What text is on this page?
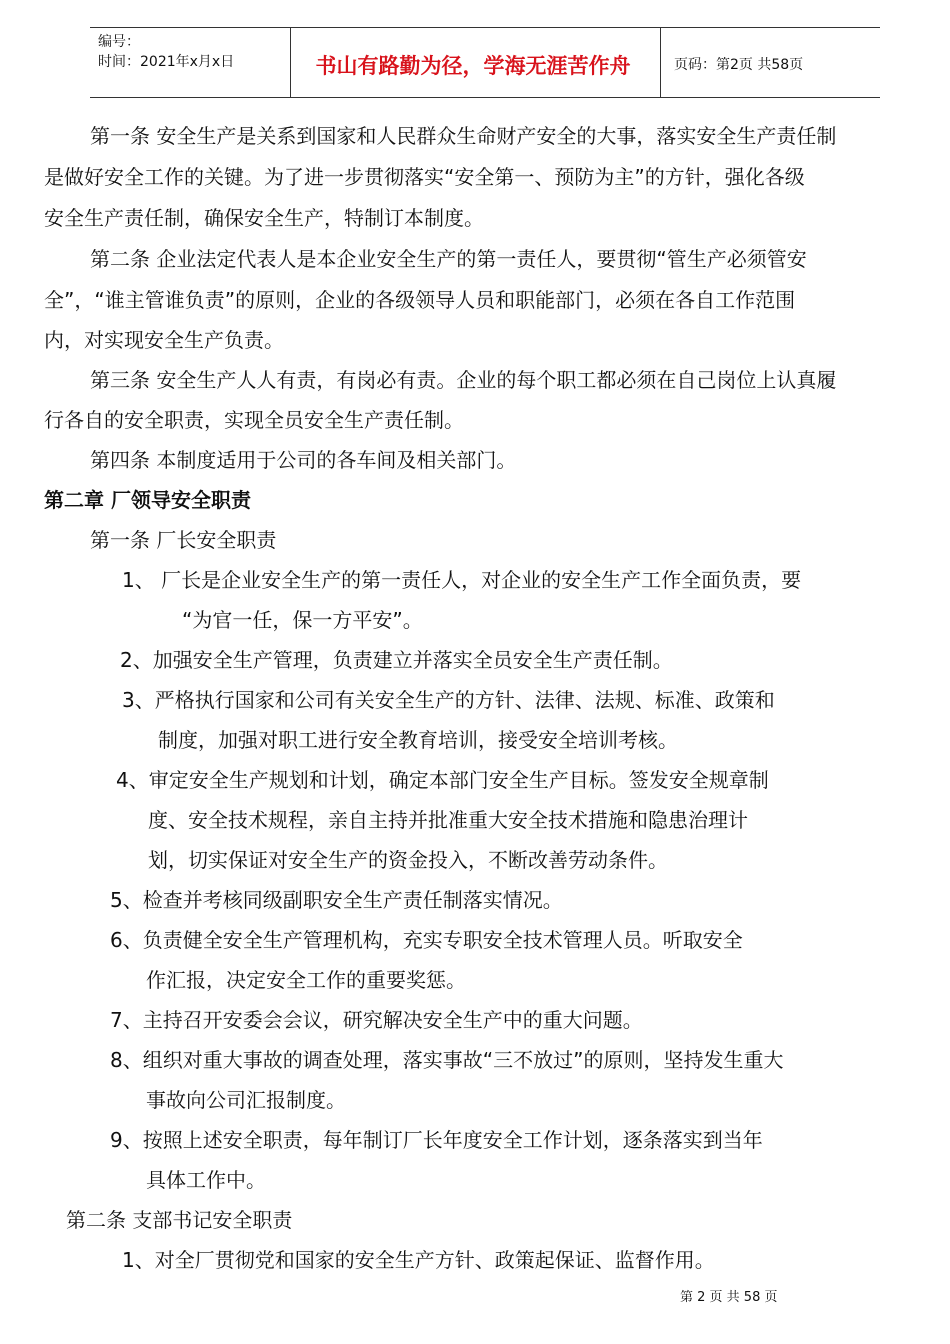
编号：
时间：2021年x月x日	书山有路勤为径，学海无涯苦作舟	页码：第2页 共58页
第一条 安全生产是关系到国家和人民群众生命财产安全的大事，落实安全生产责任制
是做好安全工作的关键。为了进一步贯彻落实“安全第一、预防为主”的方针，强化各级
安全生产责任制，确保安全生产，特制订本制度。
第二条 企业法定代表人是本企业安全生产的第一责任人，要贯彻“管生产必须管安
全”，“谁主管谁负责”的原则，企业的各级领导人员和职能部门，必须在各自工作范围
内，对实现安全生产负责。
第三条 安全生产人人有责，有岗必有责。企业的每个职工都必须在自己岗位上认真履
行各自的安全职责，实现全员安全生产责任制。
第四条 本制度适用于公司的各车间及相关部门。
第二章 厂领导安全职责
第一条 厂长安全职责
1、 厂长是企业安全生产的第一责任人，对企业的安全生产工作全面负责，要
“为官一任，保一方平安”。
2、加强安全生产管理，负责建立并落实全员安全生产责任制。
3、严格执行国家和公司有关安全生产的方针、法律、法规、标准、政策和
制度，加强对职工进行安全教育培训，接受安全培训考核。
4、审定安全生产规划和计划，确定本部门安全生产目标。签发安全规章制
度、安全技术规程，亲自主持并批准重大安全技术措施和隐患治理计
划，切实保证对安全生产的资金投入，不断改善劳动条件。
5、检查并考核同级副职安全生产责任制落实情况。
6、负责健全安全生产管理机构，充实专职安全技术管理人员。听取安全
作汇报，决定安全工作的重要奖惩。
7、主持召开安委会会议，研究解决安全生产中的重大问题。
8、组织对重大事故的调查处理，落实事故“三不放过”的原则，坚持发生重大
事故向公司汇报制度。
9、按照上述安全职责，每年制订厂长年度安全工作计划，逐条落实到当年
具体工作中。
第二条 支部书记安全职责
1、对全厂贯彻党和国家的安全生产方针、政策起保证、监督作用。
第 2 页 共 58 页
